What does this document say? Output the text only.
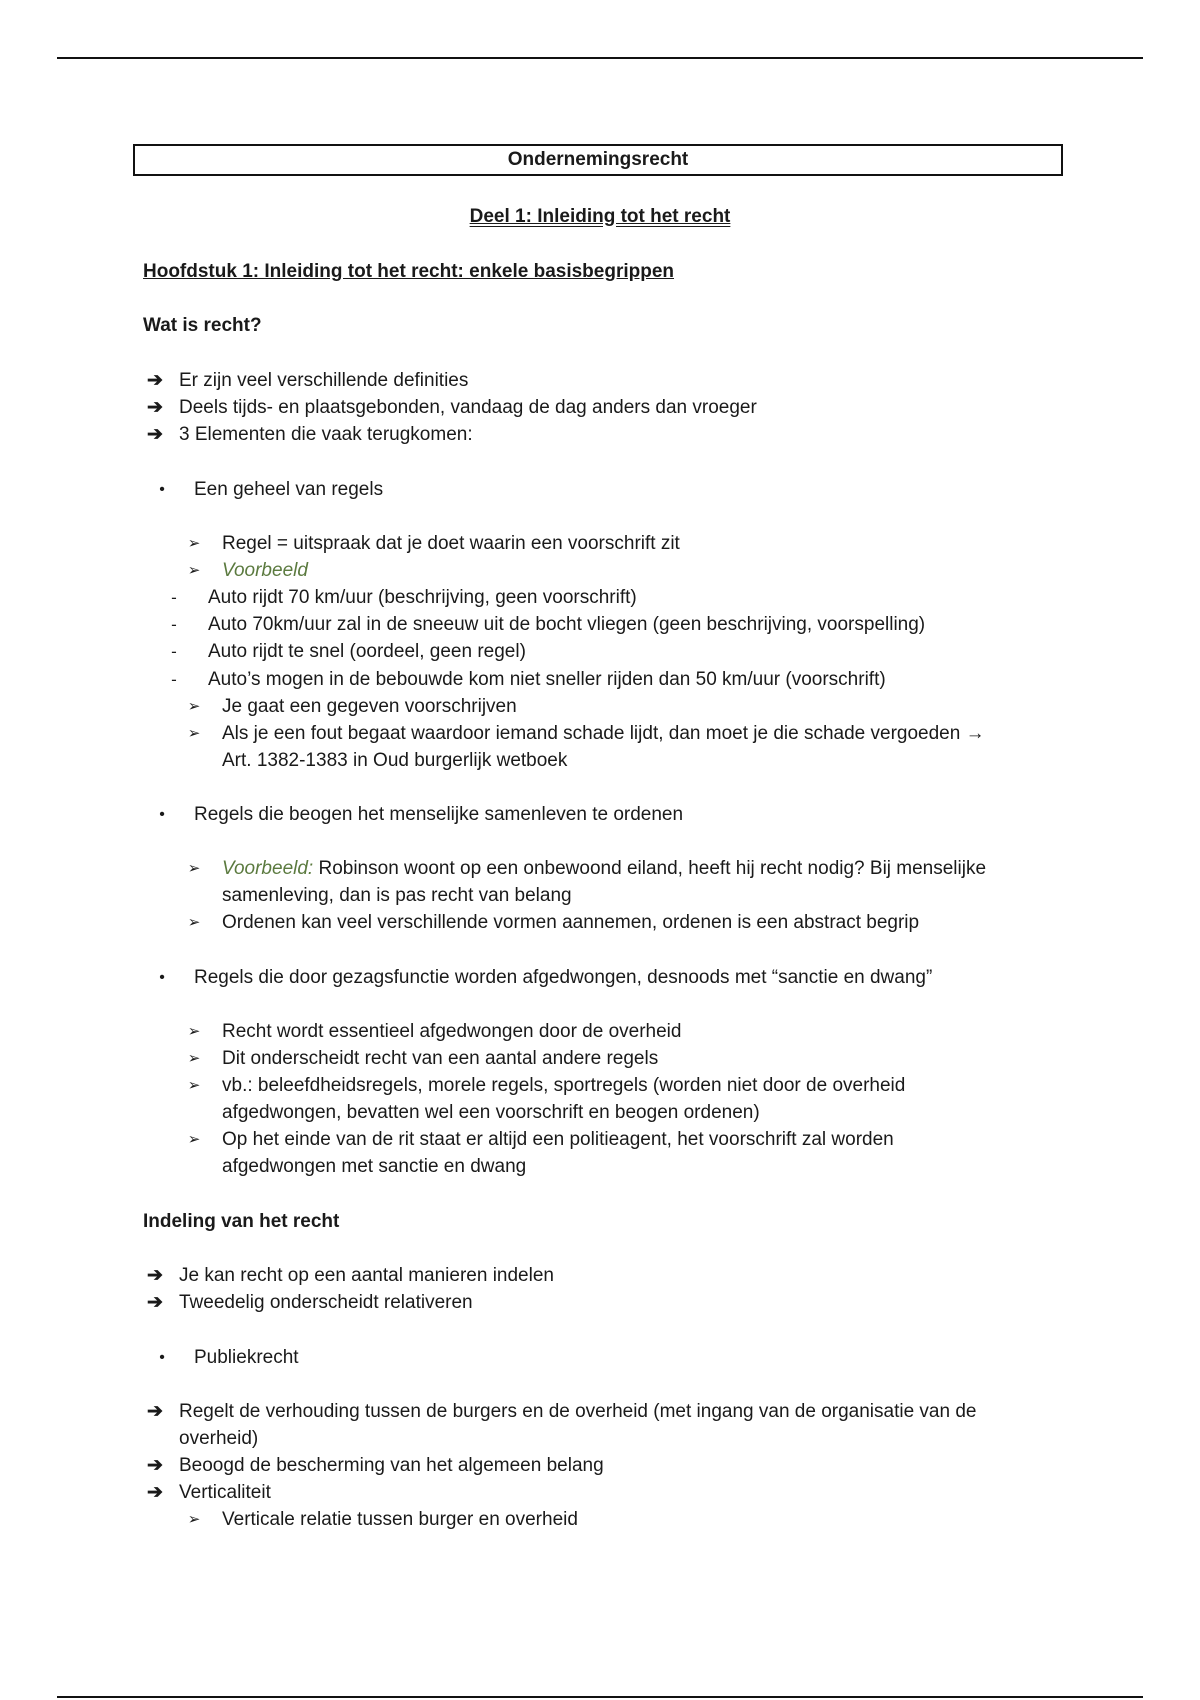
Ondernemingsrecht
Deel 1: Inleiding tot het recht
Hoofdstuk 1: Inleiding tot het recht: enkele basisbegrippen
Wat is recht?
➔ Er zijn veel verschillende definities
➔ Deels tijds- en plaatsgebonden, vandaag de dag anders dan vroeger
➔ 3 Elementen die vaak terugkomen:
•	Een geheel van regels
➢ Regel = uitspraak dat je doet waarin een voorschrift zit
➢ Voorbeeld
-	Auto rijdt 70 km/uur (beschrijving, geen voorschrift)
-	Auto 70km/uur zal in de sneeuw uit de bocht vliegen (geen beschrijving, voorspelling)
-	Auto rijdt te snel (oordeel, geen regel)
-	Auto’s mogen in de bebouwde kom niet sneller rijden dan 50 km/uur (voorschrift)
➢ Je gaat een gegeven voorschrijven
➢ Als je een fout begaat waardoor iemand schade lijdt, dan moet je die schade vergoeden →
Art. 1382-1383 in Oud burgerlijk wetboek
•	Regels die beogen het menselijke samenleven te ordenen
➢ Voorbeeld: Robinson woont op een onbewoond eiland, heeft hij recht nodig? Bij menselijke
samenleving, dan is pas recht van belang
➢ Ordenen kan veel verschillende vormen aannemen, ordenen is een abstract begrip
•	Regels die door gezagsfunctie worden afgedwongen, desnoods met “sanctie en dwang”
➢ Recht wordt essentieel afgedwongen door de overheid
➢ Dit onderscheidt recht van een aantal andere regels
➢ vb.: beleefdheidsregels, morele regels, sportregels (worden niet door de overheid
afgedwongen, bevatten wel een voorschrift en beogen ordenen)
➢ Op het einde van de rit staat er altijd een politieagent, het voorschrift zal worden
afgedwongen met sanctie en dwang
Indeling van het recht
➔ Je kan recht op een aantal manieren indelen
➔ Tweedelig onderscheidt relativeren
•	Publiekrecht
➔ Regelt de verhouding tussen de burgers en de overheid (met ingang van de organisatie van de
overheid)
➔ Beoogd de bescherming van het algemeen belang
➔ Verticaliteit
➢ Verticale relatie tussen burger en overheid
